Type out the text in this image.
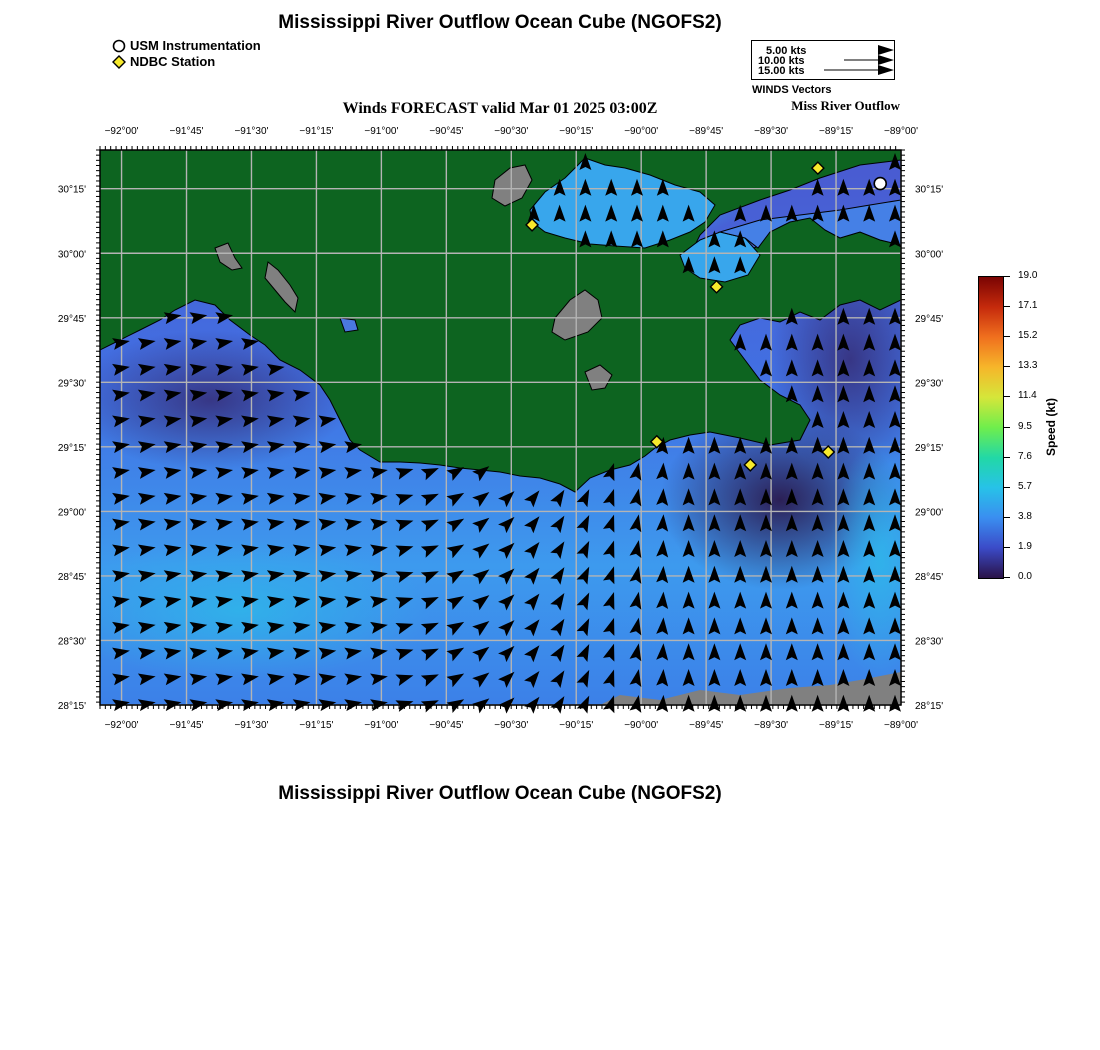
Mississippi River Outflow Ocean Cube (NGOFS2)
USM Instrumentation
NDBC Station
5.00 kts
10.00 kts
15.00 kts
WINDS Vectors
Miss River Outflow
Winds FORECAST valid Mar 01 2025 03:00Z
−92°00'
−92°00'
−91°45'
−91°45'
−91°30'
−91°30'
−91°15'
−91°15'
−91°00'
−91°00'
−90°45'
−90°45'
−90°30'
−90°30'
−90°15'
−90°15'
−90°00'
−90°00'
−89°45'
−89°45'
−89°30'
−89°30'
−89°15'
−89°15'
−89°00'
−89°00'
30°15'	30°15'
30°00'	30°00'
29°45'	29°45'
29°30'	29°30'
29°15'	29°15'
29°00'	29°00'
28°45'	28°45'
28°30'	28°30'
28°15'	28°15'
19.0
17.1
15.2
13.3
11.4
9.5
7.6
5.7
3.8
1.9
0.0
Speed (kt)
Mississippi River Outflow Ocean Cube (NGOFS2)
